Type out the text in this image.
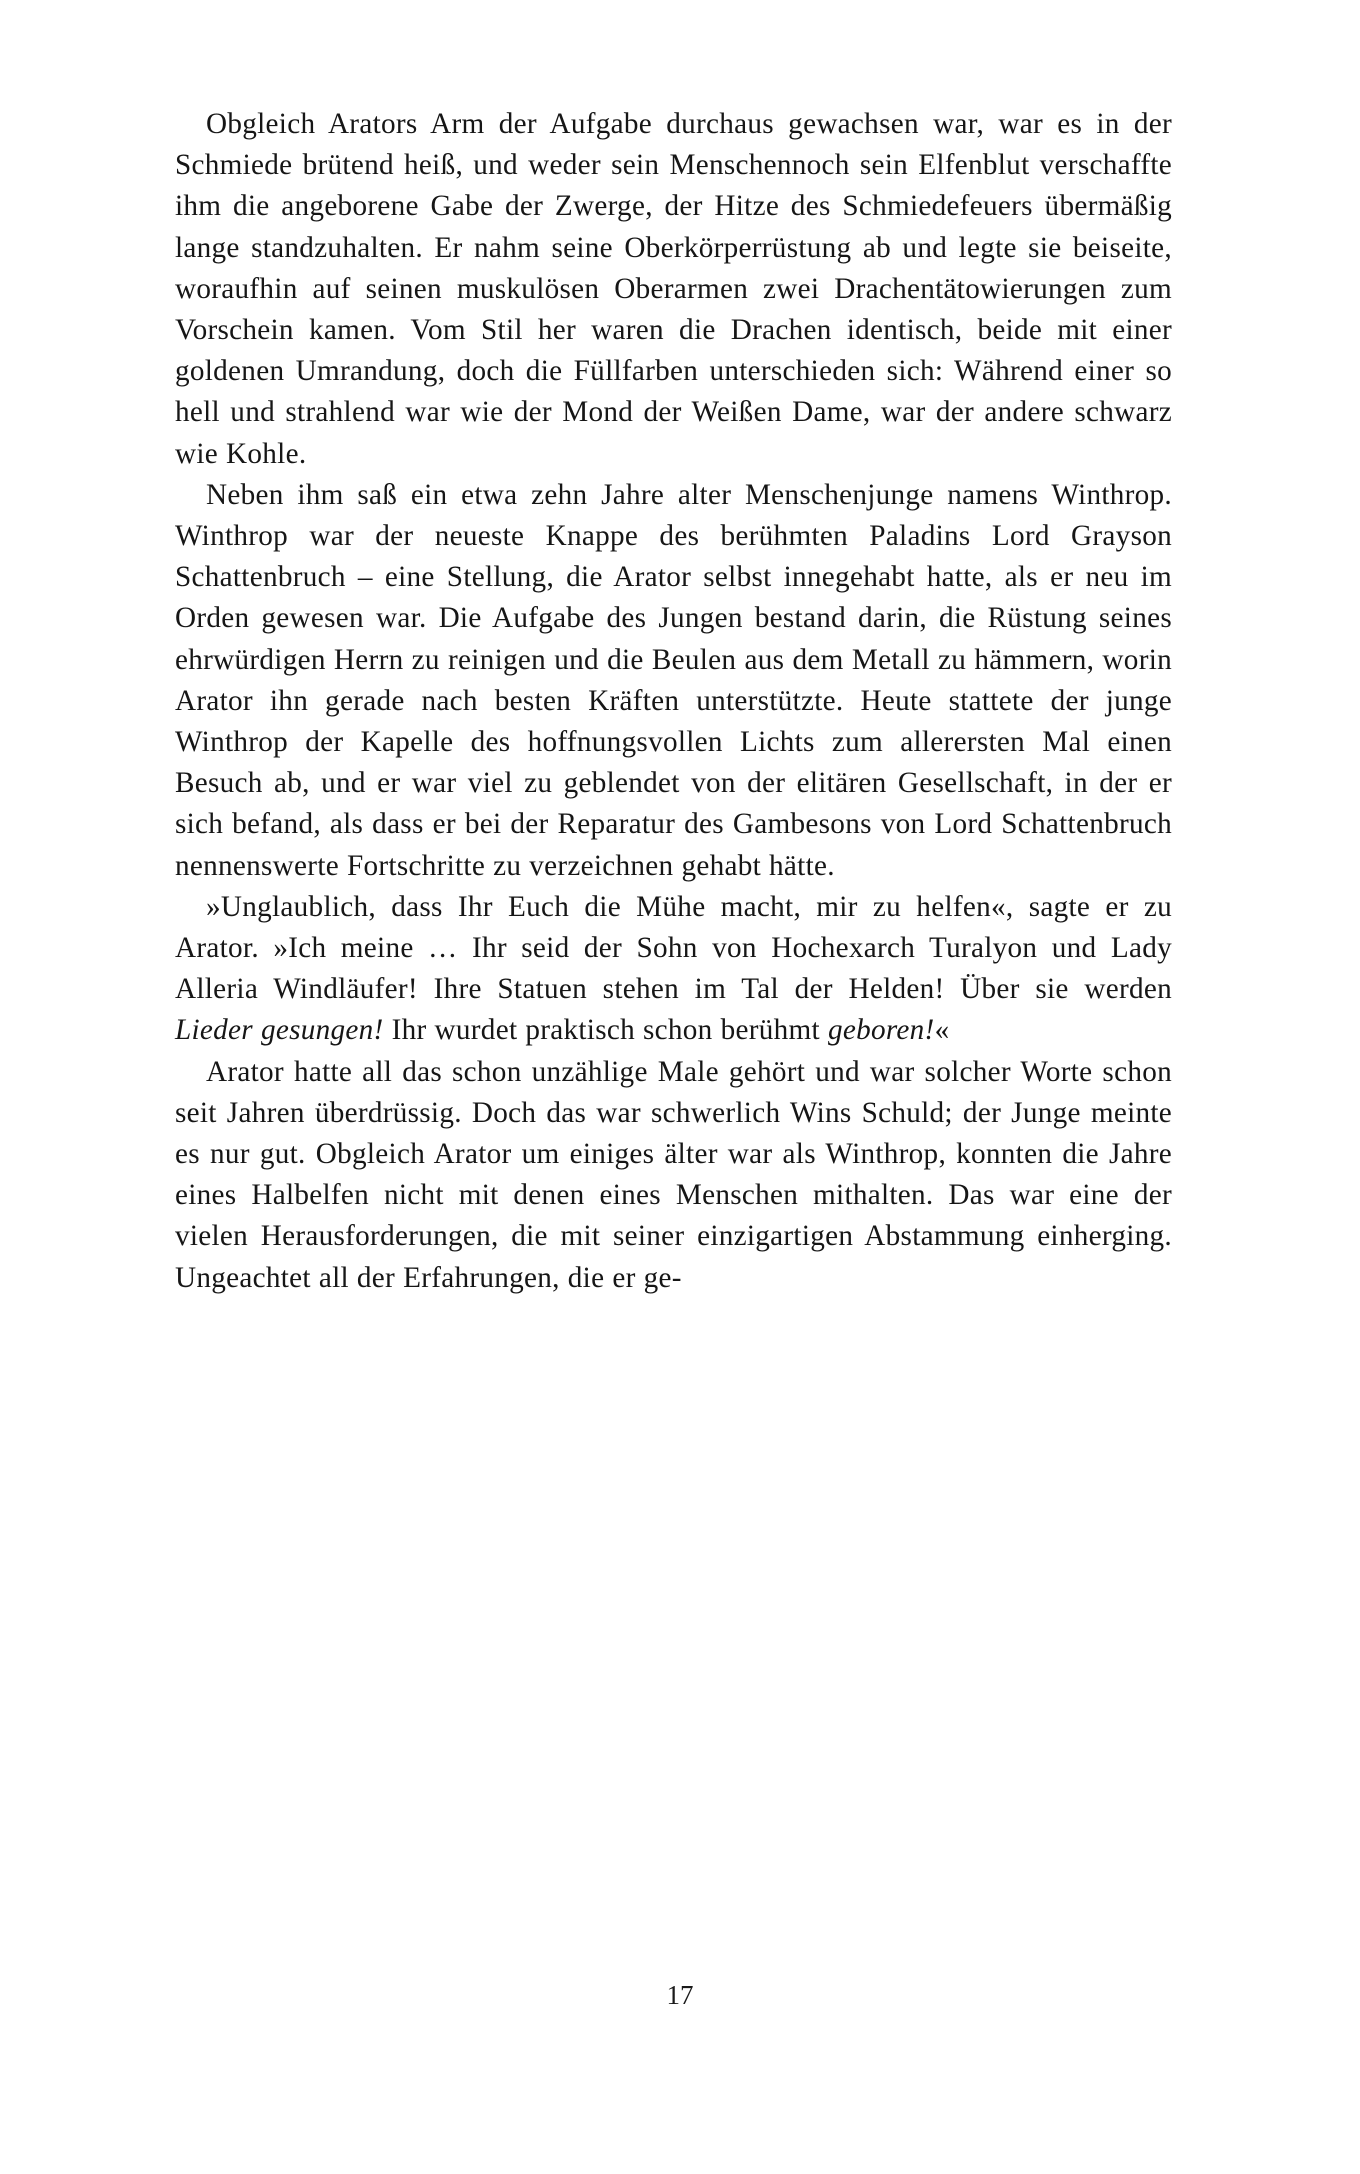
Obgleich Arators Arm der Aufgabe durchaus gewachsen war, war es in der Schmiede brütend heiß, und weder sein Menschennoch sein Elfenblut verschaffte ihm die angeborene Gabe der Zwerge, der Hitze des Schmiedefeuers übermäßig lange standzuhalten. Er nahm seine Oberkörperrüstung ab und legte sie beiseite, woraufhin auf seinen muskulösen Oberarmen zwei Drachentätowierungen zum Vorschein kamen. Vom Stil her waren die Drachen identisch, beide mit einer goldenen Umrandung, doch die Füllfarben unterschieden sich: Während einer so hell und strahlend war wie der Mond der Weißen Dame, war der andere schwarz wie Kohle.

Neben ihm saß ein etwa zehn Jahre alter Menschenjunge namens Winthrop. Winthrop war der neueste Knappe des berühmten Paladins Lord Grayson Schattenbruch – eine Stellung, die Arator selbst innegehabt hatte, als er neu im Orden gewesen war. Die Aufgabe des Jungen bestand darin, die Rüstung seines ehrwürdigen Herrn zu reinigen und die Beulen aus dem Metall zu hämmern, worin Arator ihn gerade nach besten Kräften unterstützte. Heute stattete der junge Winthrop der Kapelle des hoffnungsvollen Lichts zum allerersten Mal einen Besuch ab, und er war viel zu geblendet von der elitären Gesellschaft, in der er sich befand, als dass er bei der Reparatur des Gambesons von Lord Schattenbruch nennenswerte Fortschritte zu verzeichnen gehabt hätte.

»Unglaublich, dass Ihr Euch die Mühe macht, mir zu helfen«, sagte er zu Arator. »Ich meine … Ihr seid der Sohn von Hochexarch Turalyon und Lady Alleria Windläufer! Ihre Statuen stehen im Tal der Helden! Über sie werden Lieder gesungen! Ihr wurdet praktisch schon berühmt geboren!«

Arator hatte all das schon unzählige Male gehört und war solcher Worte schon seit Jahren überdrüssig. Doch das war schwerlich Wins Schuld; der Junge meinte es nur gut. Obgleich Arator um einiges älter war als Winthrop, konnten die Jahre eines Halbelfen nicht mit denen eines Menschen mithalten. Das war eine der vielen Herausforderungen, die mit seiner einzigartigen Abstammung einherging. Ungeachtet all der Erfahrungen, die er ge-

17
